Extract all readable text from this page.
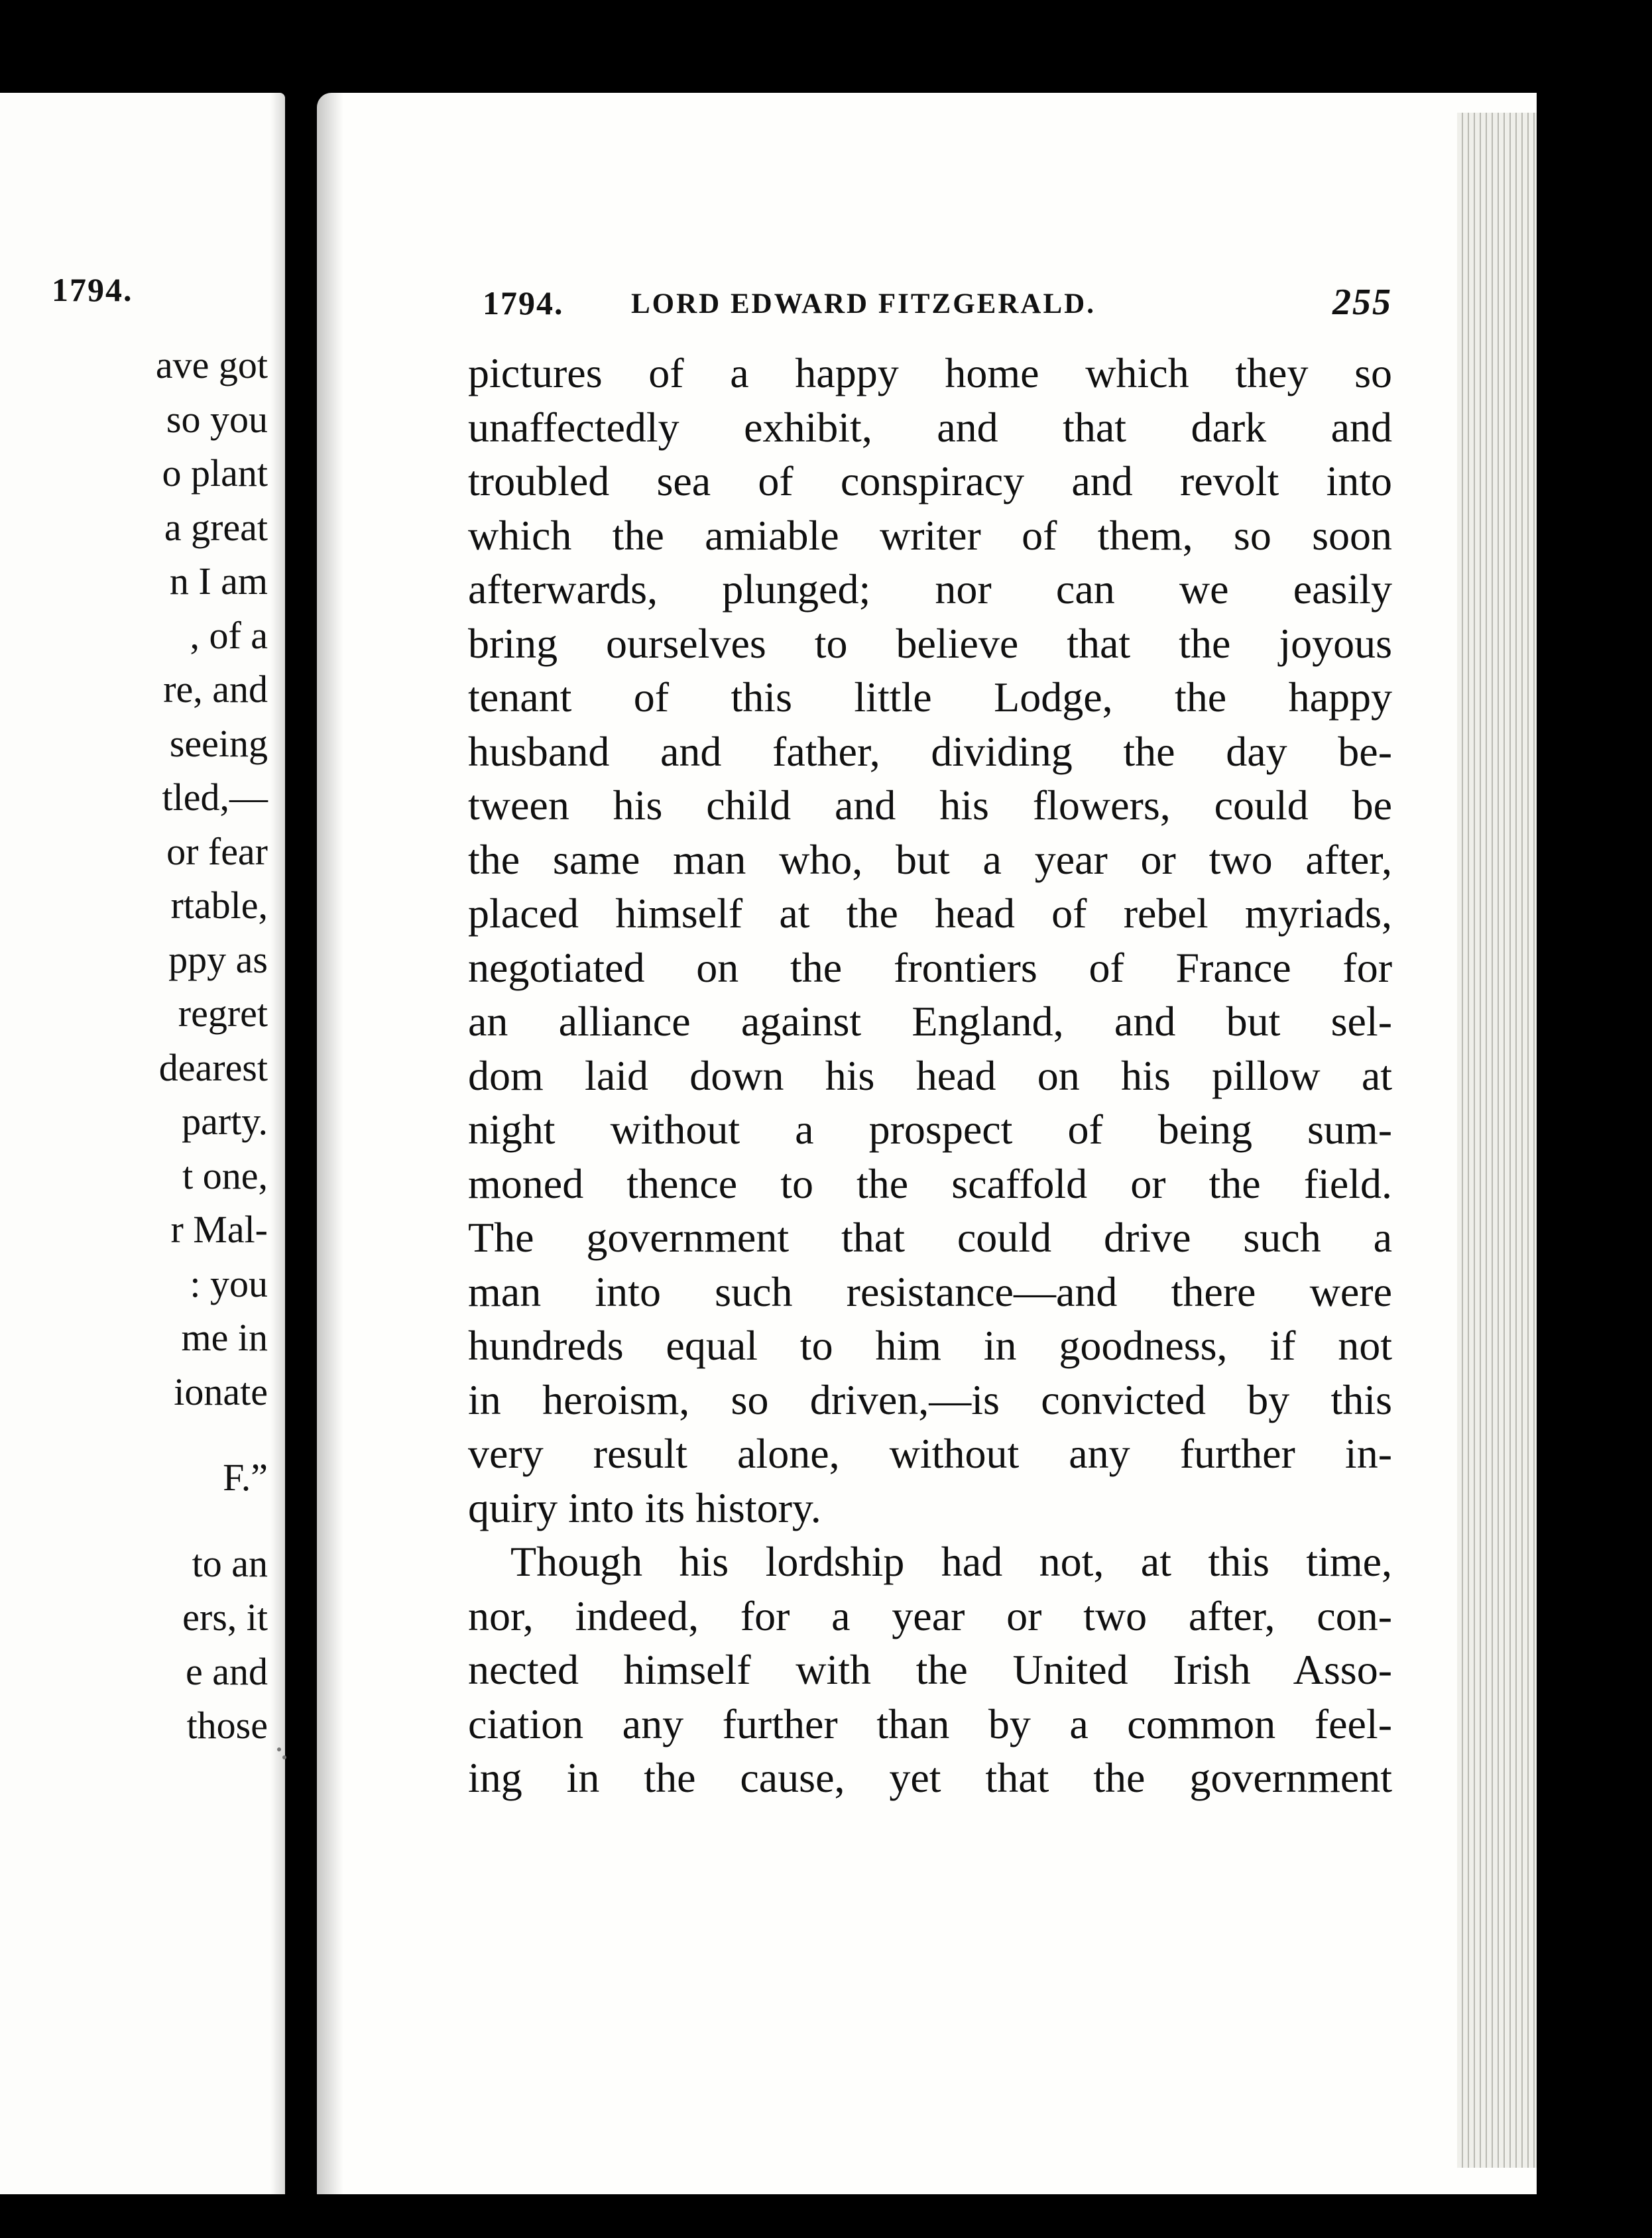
1794.
ave got
so you
o plant
a great
n I am
, of a
re, and
seeing
tled,—
or fear
rtable,
ppy as
regret
dearest
party.
t one,
r Mal-
: you
me in
ionate
F.”
to an
ers, it
e and
those
1794. LORD EDWARD FITZGERALD.	255
pictures of a happy home which they so
unaffectedly exhibit, and that dark and
troubled sea of conspiracy and revolt into
which the amiable writer of them, so soon
afterwards, plunged; nor can we easily
bring ourselves to believe that the joyous
tenant of this little Lodge, the happy
husband and father, dividing the day be-
tween his child and his flowers, could be
the same man who, but a year or two after,
placed himself at the head of rebel myriads,
negotiated on the frontiers of France for
an alliance against England, and but sel-
dom laid down his head on his pillow at
night without a prospect of being sum-
moned thence to the scaffold or the field.
The government that could drive such a
man into such resistance—and there were
hundreds equal to him in goodness, if not
in heroism, so driven,—is convicted by this
very result alone, without any further in-
quiry into its history.
Though his lordship had not, at this time,
nor, indeed, for a year or two after, con-
nected himself with the United Irish Asso-
ciation any further than by a common feel-
ing in the cause, yet that the government
